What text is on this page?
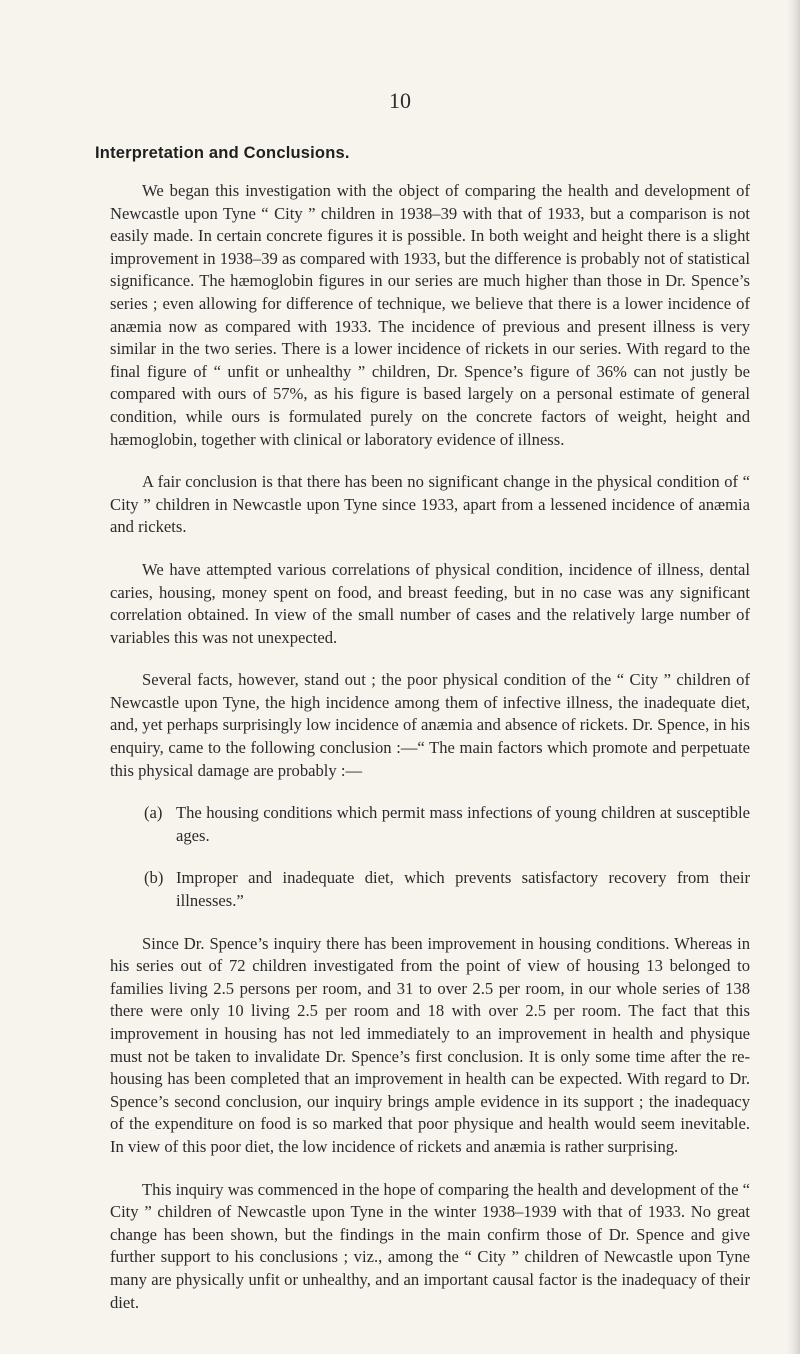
10
Interpretation and Conclusions.

We began this investigation with the object of comparing the health and development of Newcastle upon Tyne “ City ” children in 1938–39 with that of 1933, but a comparison is not easily made. In certain concrete figures it is possible. In both weight and height there is a slight improvement in 1938–39 as compared with 1933, but the difference is probably not of statistical significance. The hæmoglobin figures in our series are much higher than those in Dr. Spence’s series ; even allowing for difference of technique, we believe that there is a lower incidence of anæmia now as compared with 1933. The incidence of previous and present illness is very similar in the two series. There is a lower incidence of rickets in our series. With regard to the final figure of “ unfit or unhealthy ” children, Dr. Spence’s figure of 36% can not justly be compared with ours of 57%, as his figure is based largely on a personal estimate of general condition, while ours is formulated purely on the concrete factors of weight, height and hæmoglobin, together with clinical or laboratory evidence of illness.

A fair conclusion is that there has been no significant change in the physical condition of “ City ” children in Newcastle upon Tyne since 1933, apart from a lessened incidence of anæmia and rickets.

We have attempted various correlations of physical condition, incidence of illness, dental caries, housing, money spent on food, and breast feeding, but in no case was any significant correlation obtained. In view of the small number of cases and the relatively large number of variables this was not unexpected.

Several facts, however, stand out ; the poor physical condition of the “ City ” children of Newcastle upon Tyne, the high incidence among them of infective illness, the inadequate diet, and, yet perhaps surprisingly low incidence of anæmia and absence of rickets. Dr. Spence, in his enquiry, came to the following conclusion :—“ The main factors which promote and perpetuate this physical damage are probably :—

(a) The housing conditions which permit mass infections of young children at susceptible ages.

(b) Improper and inadequate diet, which prevents satisfactory recovery from their illnesses.”

Since Dr. Spence’s inquiry there has been improvement in housing conditions. Whereas in his series out of 72 children investigated from the point of view of housing 13 belonged to families living 2.5 persons per room, and 31 to over 2.5 per room, in our whole series of 138 there were only 10 living 2.5 per room and 18 with over 2.5 per room. The fact that this improvement in housing has not led immediately to an improvement in health and physique must not be taken to invalidate Dr. Spence’s first conclusion. It is only some time after the re-housing has been completed that an improvement in health can be expected. With regard to Dr. Spence’s second conclusion, our inquiry brings ample evidence in its support ; the inadequacy of the expenditure on food is so marked that poor physique and health would seem inevitable. In view of this poor diet, the low incidence of rickets and anæmia is rather surprising.

This inquiry was commenced in the hope of comparing the health and development of the “ City ” children of Newcastle upon Tyne in the winter 1938–1939 with that of 1933. No great change has been shown, but the findings in the main confirm those of Dr. Spence and give further support to his conclusions ; viz., among the “ City ” children of Newcastle upon Tyne many are physically unfit or unhealthy, and an important causal factor is the inadequacy of their diet.
